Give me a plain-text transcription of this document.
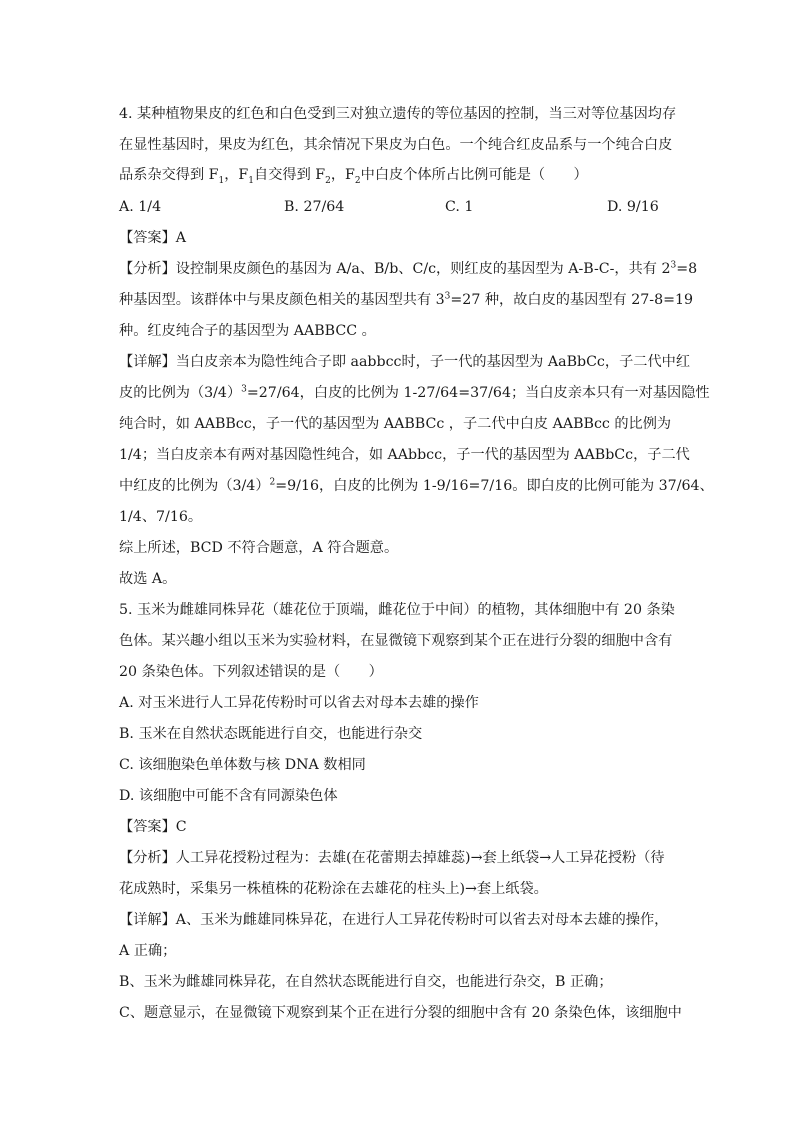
4. 某种植物果皮的红色和白色受到三对独立遗传的等位基因的控制，当三对等位基因均存
在显性基因时，果皮为红色，其余情况下果皮为白色。一个纯合红皮品系与一个纯合白皮
品系杂交得到 $F_1$，$F_1$自交得到 $F_2$，$F_2$中白皮个体所占比例可能是（　　）
A. 1/4	B. 27/64	C. 1	D. 9/16
【答案】A
【分析】设控制果皮颜色的基因为 A/a、B/b、C/c，则红皮的基因型为 A-B-C-，共有 $2^3=8$
种基因型。该群体中与果皮颜色相关的基因型共有 $3^3=27$ 种，故白皮的基因型有 27-8=19
种。红皮纯合子的基因型为 AABBCC 。
【详解】当白皮亲本为隐性纯合子即 aabbcc时，子一代的基因型为 AaBbCc，子二代中红
皮的比例为$(3/4)^3=27/64$，白皮的比例为 1-27/64=37/64；当白皮亲本只有一对基因隐性
纯合时，如 AABBcc，子一代的基因型为 AABBCc ，子二代中白皮 AABBcc 的比例为
1/4；当白皮亲本有两对基因隐性纯合，如 AAbbcc，子一代的基因型为 AABbCc，子二代
中红皮的比例为$(3/4)^2=9/16$，白皮的比例为 1-9/16=7/16。即白皮的比例可能为 37/64、
1/4、7/16。
综上所述，BCD 不符合题意，A 符合题意。
故选 A。
5. 玉米为雌雄同株异花（雄花位于顶端，雌花位于中间）的植物，其体细胞中有 20 条染
色体。某兴趣小组以玉米为实验材料，在显微镜下观察到某个正在进行分裂的细胞中含有
20 条染色体。下列叙述错误的是（　　）
A. 对玉米进行人工异花传粉时可以省去对母本去雄的操作
B. 玉米在自然状态既能进行自交，也能进行杂交
C. 该细胞染色单体数与核 DNA 数相同
D. 该细胞中可能不含有同源染色体
【答案】C
【分析】人工异花授粉过程为：去雄(在花蕾期去掉雄蕊)→套上纸袋→人工异花授粉（待
花成熟时，采集另一株植株的花粉涂在去雄花的柱头上)→套上纸袋。
【详解】A、玉米为雌雄同株异花，在进行人工异花传粉时可以省去对母本去雄的操作，
A 正确；
B、玉米为雌雄同株异花，在自然状态既能进行自交，也能进行杂交，B 正确；
C、题意显示，在显微镜下观察到某个正在进行分裂的细胞中含有 20 条染色体，该细胞中
